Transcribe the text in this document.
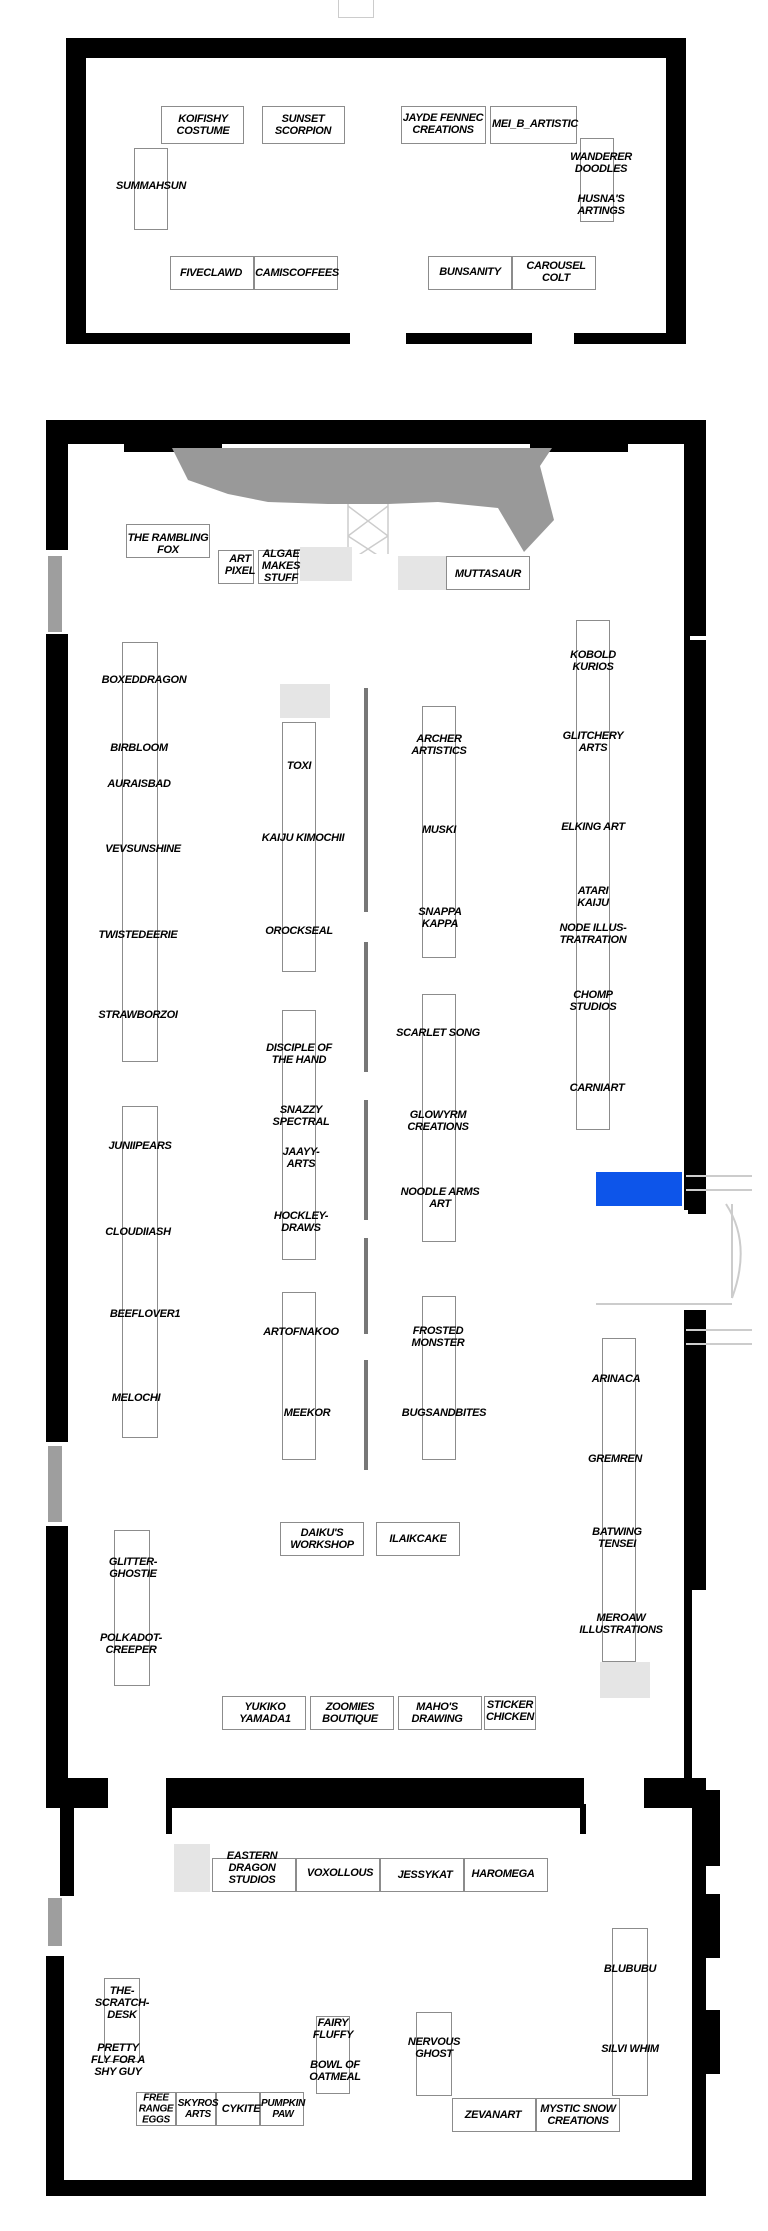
KOIFISHY
COSTUME
SUNSET
SCORPION
JAYDE FENNEC
CREATIONS	MEI_B_ARTISTIC
SUMMAHSUN
WANDERER
DOODLES
HUSNA'S
ARTINGS
FIVECLAWD CAMISCOFFEES	BUNSANITY CAROUSEL
COLT
THE RAMBLING
FOX
ART
PIXEL
ALGAE
MAKES
STUFF	MUTTASAUR
BOXEDDRAGON
BIRBLOOM
AURAISBAD
VEVSUNSHINE
TWISTEDEERIE
STRAWBORZOI
JUNIIPEARS
CLOUDIIASH
BEEFLOVER1
MELOCHI
GLITTER-
GHOSTIE
POLKADOT-
CREEPER
TOXI
KAIJU KIMOCHII
OROCKSEAL
DISCIPLE OF
THE HAND
SNAZZY
SPECTRAL
JAAYY-
ARTS
HOCKLEY-
DRAWS
ARTOFNAKOO
MEEKOR
ARCHER
ARTISTICS
MUSKI
SNAPPA
KAPPA
SCARLET SONG
GLOWYRM
CREATIONS
NOODLE ARMS
ART
FROSTED
MONSTER
BUGSANDBITES
KOBOLD
KURIOS
GLITCHERY
ARTS
ELKING ART
ATARI
KAIJU
NODE ILLUS-
TRATRATION
CHOMP
STUDIOS
CARNIART
ARINACA
GREMREN
BATWING
TENSEI
MEROAW
ILLUSTRATIONS
DAIKU'S
WORKSHOP	ILAIKCAKE
YUKIKO
YAMADA1
ZOOMIES
BOUTIQUE
MAHO'S
DRAWING
STICKER
CHICKEN
EASTERN
DRAGON
STUDIOS
VOXOLLOUS JESSYKAT HAROMEGA
THE-
SCRATCH-
DESK
PRETTY
FLY FOR A
SHY GUY
FREE
RANGE
EGGS
SKYROS
ARTS CYKITE PUMPKIN
PAW
FAIRY
FLUFFY
BOWL OF
OATMEAL
NERVOUS
GHOST
BLUBUBU
SILVI WHIM
ZEVANART MYSTIC SNOW
CREATIONS
